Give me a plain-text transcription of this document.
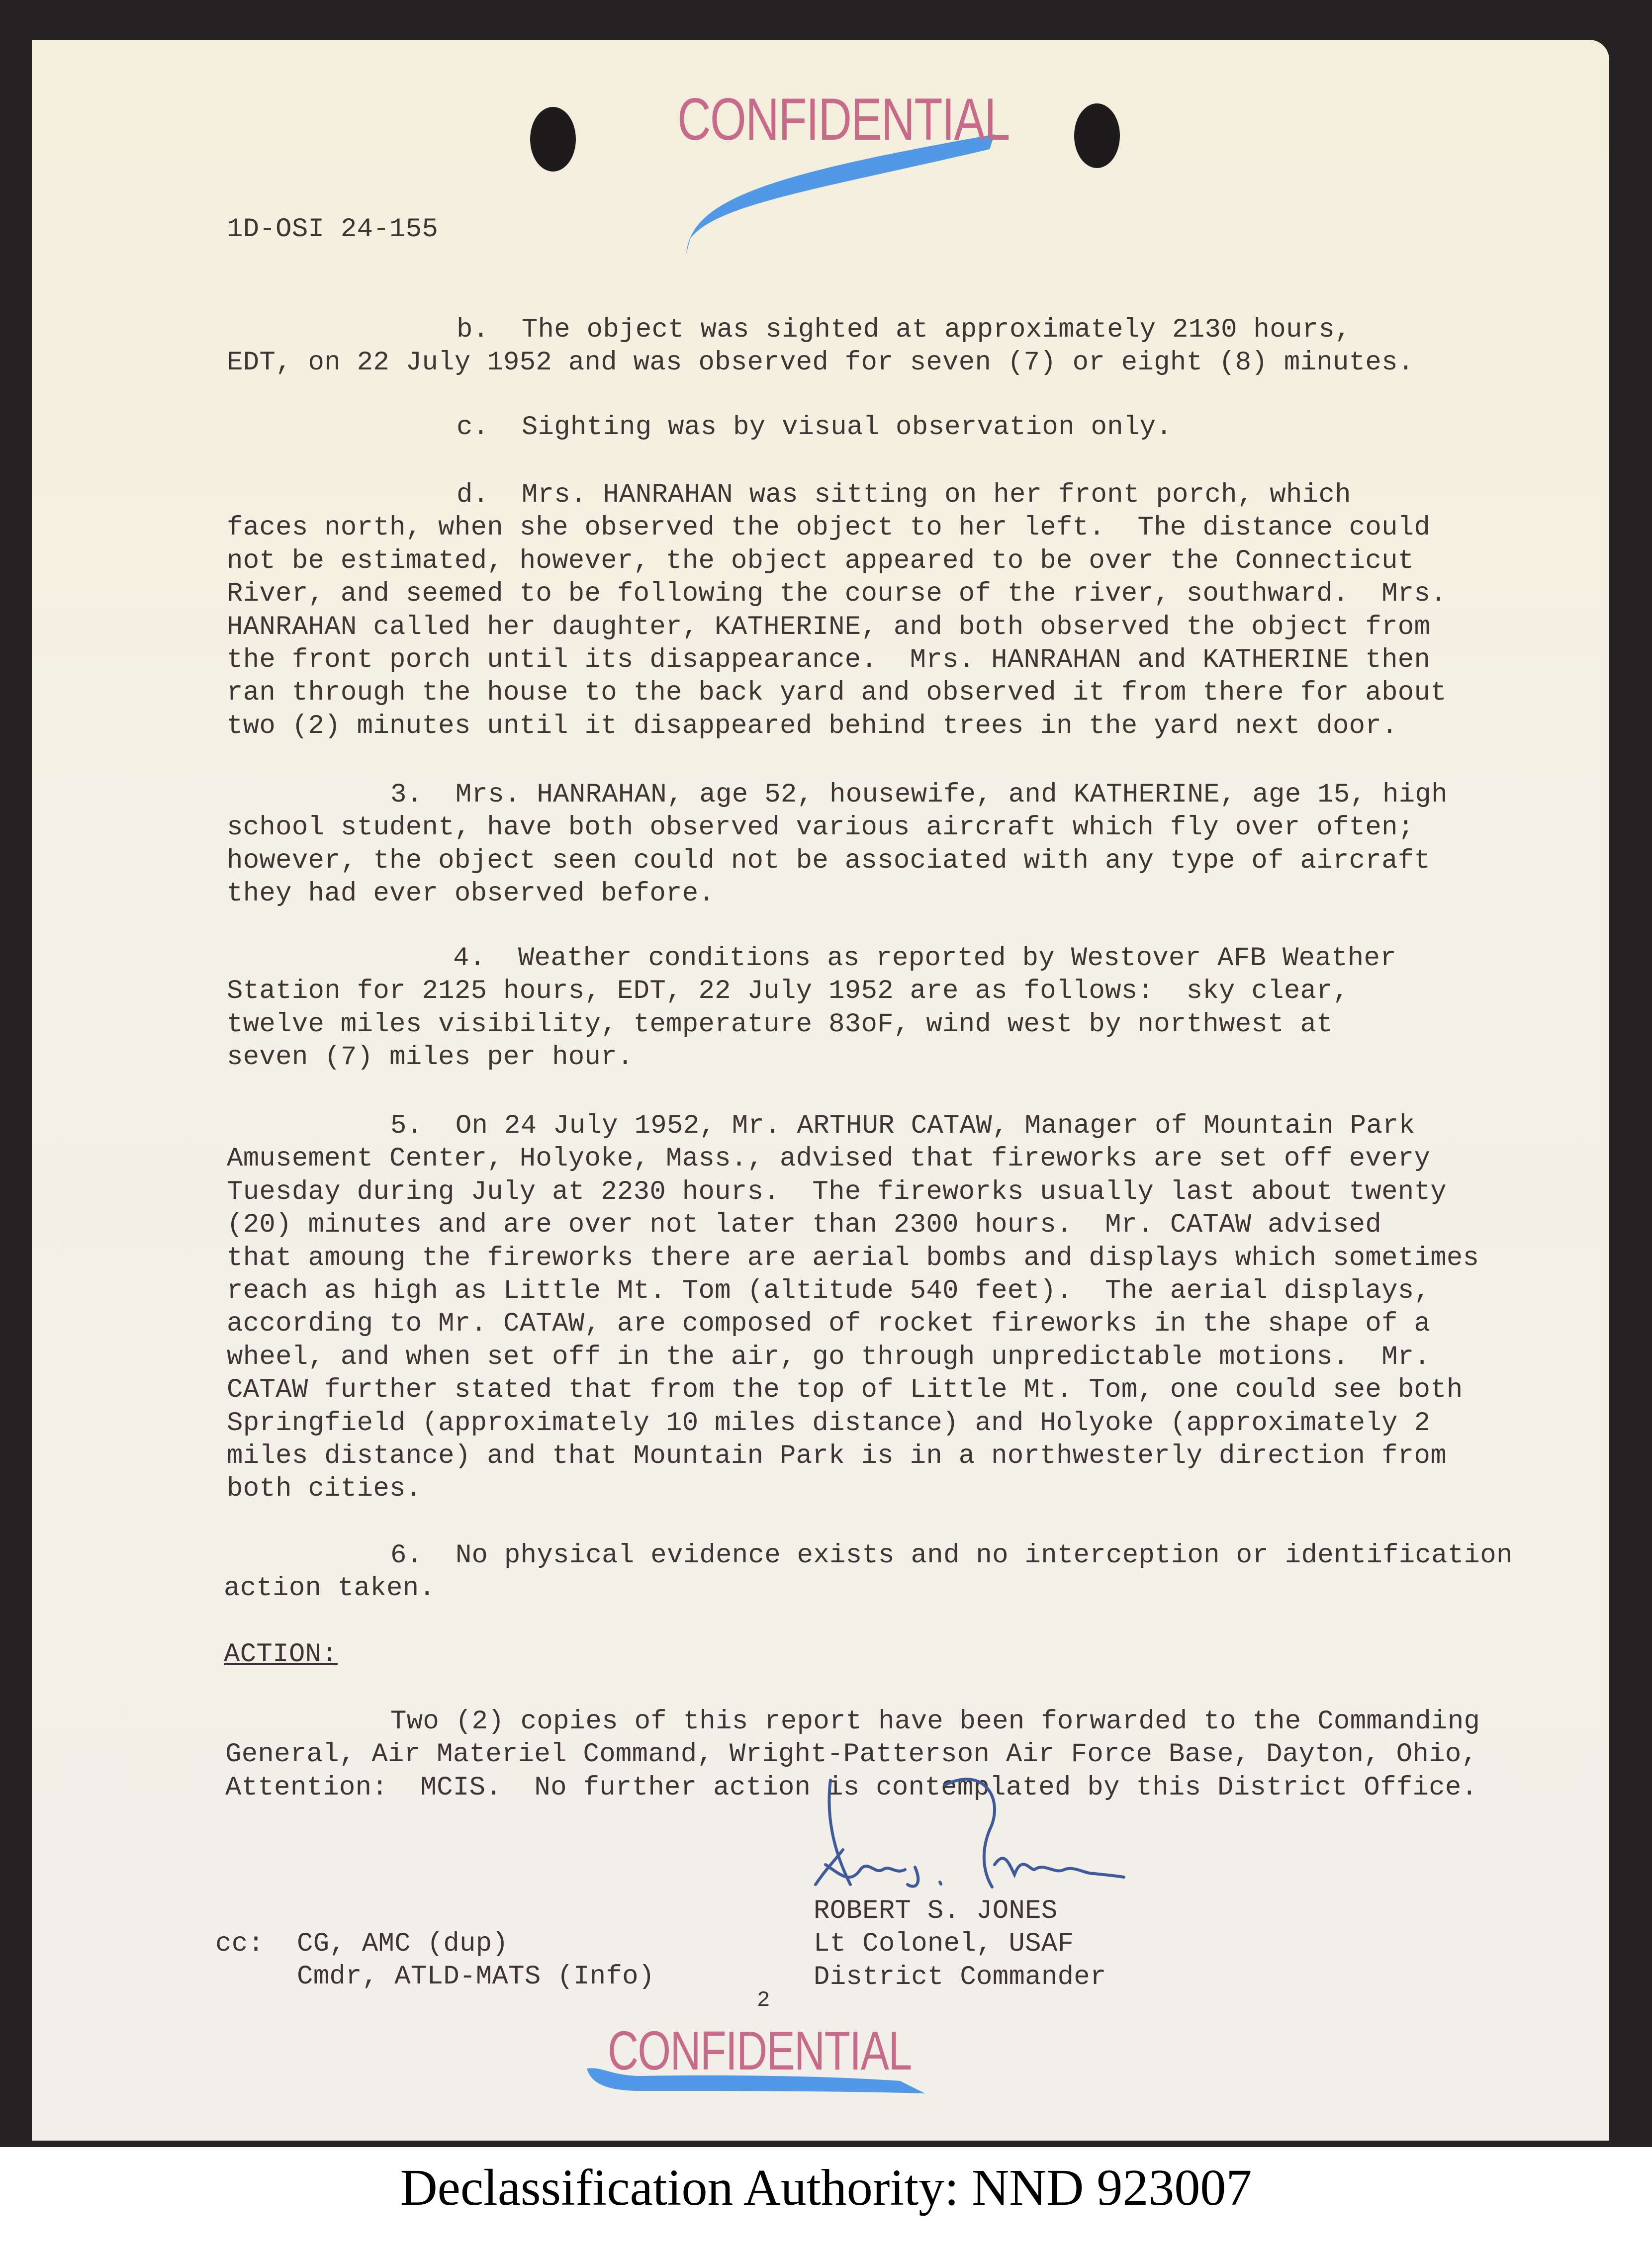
CONFIDENTIAL
1D-OSI 24-155
b.  The object was sighted at approximately 2130 hours,
EDT, on 22 July 1952 and was observed for seven (7) or eight (8) minutes.
c.  Sighting was by visual observation only.
d.  Mrs. HANRAHAN was sitting on her front porch, which
faces north, when she observed the object to her left.  The distance could
not be estimated, however, the object appeared to be over the Connecticut
River, and seemed to be following the course of the river, southward.  Mrs.
HANRAHAN called her daughter, KATHERINE, and both observed the object from
the front porch until its disappearance.  Mrs. HANRAHAN and KATHERINE then
ran through the house to the back yard and observed it from there for about
two (2) minutes until it disappeared behind trees in the yard next door.
3.  Mrs. HANRAHAN, age 52, housewife, and KATHERINE, age 15, high
school student, have both observed various aircraft which fly over often;
however, the object seen could not be associated with any type of aircraft
they had ever observed before.
4.  Weather conditions as reported by Westover AFB Weather
Station for 2125 hours, EDT, 22 July 1952 are as follows:  sky clear,
twelve miles visibility, temperature 83oF, wind west by northwest at
seven (7) miles per hour.
5.  On 24 July 1952, Mr. ARTHUR CATAW, Manager of Mountain Park
Amusement Center, Holyoke, Mass., advised that fireworks are set off every
Tuesday during July at 2230 hours.  The fireworks usually last about twenty
(20) minutes and are over not later than 2300 hours.  Mr. CATAW advised
that amoung the fireworks there are aerial bombs and displays which sometimes
reach as high as Little Mt. Tom (altitude 540 feet).  The aerial displays,
according to Mr. CATAW, are composed of rocket fireworks in the shape of a
wheel, and when set off in the air, go through unpredictable motions.  Mr.
CATAW further stated that from the top of Little Mt. Tom, one could see both
Springfield (approximately 10 miles distance) and Holyoke (approximately 2
miles distance) and that Mountain Park is in a northwesterly direction from
both cities.
6.  No physical evidence exists and no interception or identification
action taken.
ACTION:
Two (2) copies of this report have been forwarded to the Commanding
General, Air Materiel Command, Wright-Patterson Air Force Base, Dayton, Ohio,
Attention:  MCIS.  No further action is contemplated by this District Office.
ROBERT S. JONES
Lt Colonel, USAF
District Commander
cc: CG, AMC (dup)
Cmdr, ATLD-MATS (Info)
2
CONFIDENTIAL
Declassification Authority: NND 923007
